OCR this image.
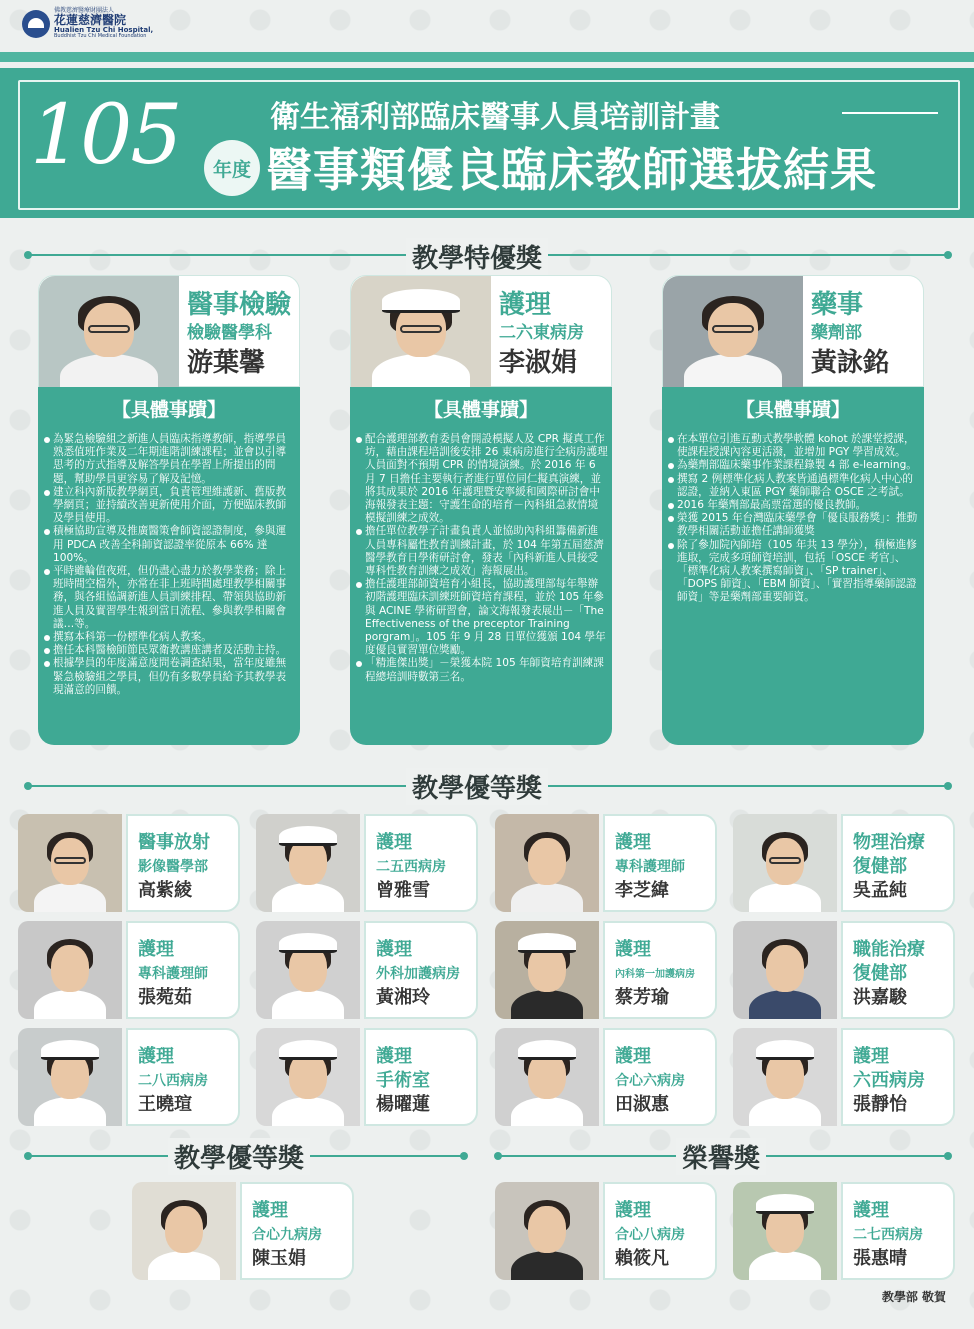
佛教慈濟醫療財團法人
花蓮慈濟醫院
Hualien Tzu Chi Hospital,
Buddhist Tzu Chi Medical Foundation
105	年度
衛生福利部臨床醫事人員培訓計畫
醫事類優良臨床教師選拔結果
教學特優獎
醫事檢驗
檢驗醫學科
游葉馨
【具體事蹟】
為緊急檢驗組之新進人員臨床指導教師，指導學員熟悉值班作業及二年期進階訓練課程；並會以引導思考的方式指導及解答學員在學習上所提出的問題，幫助學員更容易了解及記憶。
建立科內新版教學網頁，負責管理維護新、舊版教學網頁；並持續改善更新使用介面，方便臨床教師及學員使用。
積極協助宣導及推廣醫策會師資認證制度，參與運用 PDCA 改善全科師資認證率從原本 66% 達 100%。
平時雖輪值夜班，但仍盡心盡力於教學業務；除上班時間空檔外，亦常在非上班時間處理教學相關事務，與各組協調新進人員訓練排程、帶領與協助新進人員及實習學生報到當日流程、參與教學相關會議…等。
撰寫本科第一份標準化病人教案。
擔任本科醫檢師節民眾衛教講座講者及活動主持。
根據學員的年度滿意度問卷調查結果，當年度雖無緊急檢驗組之學員，但仍有多數學員給予其教學表現滿意的回饋。
護理
二六東病房
李淑娟
【具體事蹟】
配合護理部教育委員會開設模擬人及 CPR 擬真工作坊，藉由課程培訓後安排 26 東病房進行全病房護理人員面對不預期 CPR 的情境演練。於 2016 年 6 月 7 日擔任主要執行者進行單位同仁擬真演練，並將其成果於 2016 年護理暨安寧緩和國際研討會中海報發表主題：守護生命的培育－內科組急救情境模擬訓練之成效。
擔任單位教學子計畫負責人並協助內科組籌備新進人員專科屬性教育訓練計畫，於 104 年第五屆慈濟醫學教育日學術研討會，發表「內科新進人員接受專科性教育訓練之成效」海報展出。
擔任護理部師資培育小組長，協助護理部每年舉辦初階護理臨床訓練班師資培育課程，並於 105 年參與 ACINE 學術研習會，論文海報發表展出－「The Effectiveness of the preceptor Training porgram」。105 年 9 月 28 日單位獲頒 104 學年度優良實習單位獎勵。
「精進傑出獎」－榮獲本院 105 年師資培育訓練課程總培訓時數第三名。
藥事
藥劑部
黃詠銘
【具體事蹟】
在本單位引進互動式教學軟體 kohot 於課堂授課，使課程授課內容更活潑，並增加 PGY 學習成效。
為藥劑部臨床藥事作業課程錄製 4 部 e-learning。
撰寫 2 例標準化病人教案皆通過標準化病人中心的認證，並納入東區 PGY 藥師聯合 OSCE 之考試。
2016 年藥劑部最高票當選的優良教師。
榮獲 2015 年台灣臨床藥學會「優良服務獎」：推動教學相關活動並擔任講師獲獎
除了參加院內師培（105 年共 13 學分），積極進修進取，完成多項師資培訓，包括「OSCE 考官」、「標準化病人教案撰寫師資」、「SP trainer」、「DOPS 師資」、「EBM 師資」、「實習指導藥師認證師資」等是藥劑部重要師資。
教學優等獎
醫事放射
影像醫學部
高紫綾
護理
二五西病房
曾雅雪
護理
專科護理師
李芝緯
物理治療
復健部
吳孟純
護理
專科護理師
張菀茹
護理
外科加護病房
黃湘玲
護理
內科第一加護病房
蔡芳瑜
職能治療
復健部
洪嘉駿
護理
二八西病房
王曉瑄
護理
手術室
楊曜蓮
護理
合心六病房
田淑惠
護理
六西病房
張靜怡
教學優等獎	榮譽獎
護理
合心九病房
陳玉娟
護理
合心八病房
賴筱凡
護理
二七西病房
張惠晴
教學部 敬賀
